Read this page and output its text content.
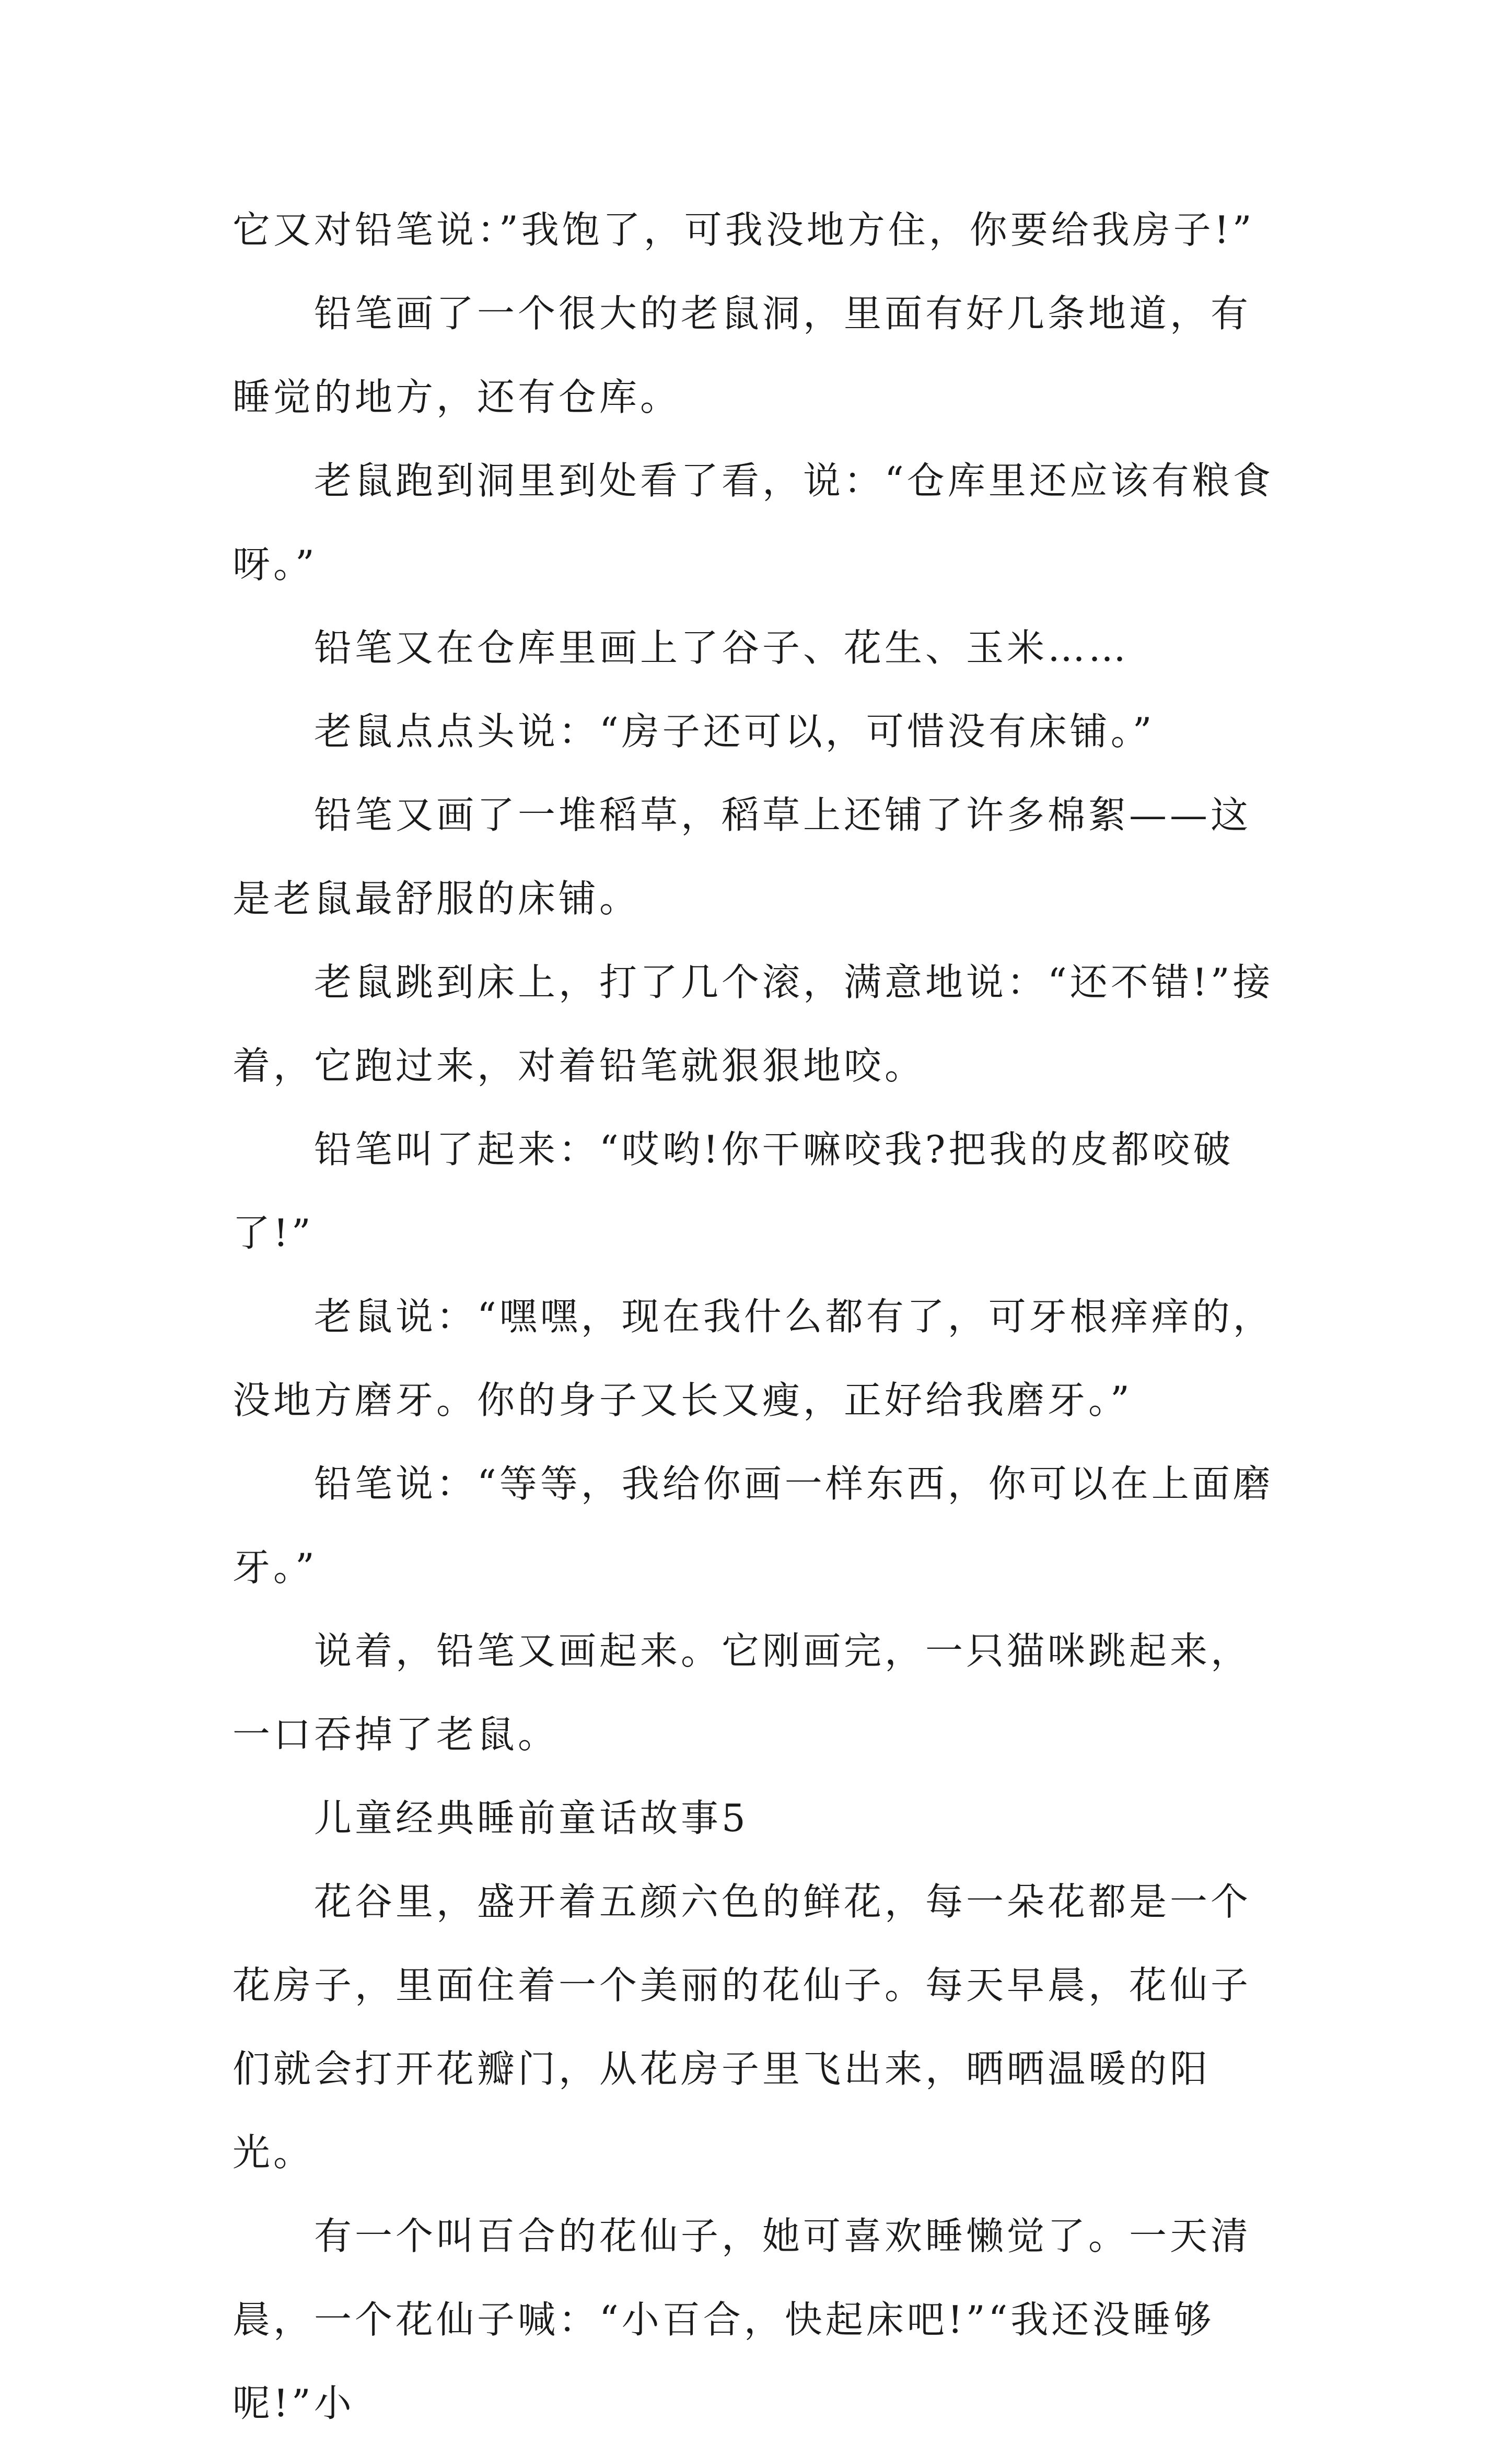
它又对铅笔说：”我饱了，可我没地方住，你要给我房子!”

铅笔画了一个很大的老鼠洞，里面有好几条地道，有睡觉的地方，还有仓库。

老鼠跑到洞里到处看了看，说：“仓库里还应该有粮食呀。”

铅笔又在仓库里画上了谷子、花生、玉米……

老鼠点点头说：“房子还可以，可惜没有床铺。”

铅笔又画了一堆稻草，稻草上还铺了许多棉絮——这是老鼠最舒服的床铺。

老鼠跳到床上，打了几个滚，满意地说：“还不错!”接着，它跑过来，对着铅笔就狠狠地咬。

铅笔叫了起来：“哎哟!你干嘛咬我?把我的皮都咬破了!”

老鼠说：“嘿嘿，现在我什么都有了，可牙根痒痒的，没地方磨牙。你的身子又长又瘦，正好给我磨牙。”

铅笔说：“等等，我给你画一样东西，你可以在上面磨牙。”

说着，铅笔又画起来。它刚画完，一只猫咪跳起来，一口吞掉了老鼠。

儿童经典睡前童话故事5

花谷里，盛开着五颜六色的鲜花，每一朵花都是一个花房子，里面住着一个美丽的花仙子。每天早晨，花仙子们就会打开花瓣门，从花房子里飞出来，晒晒温暖的阳光。

有一个叫百合的花仙子，她可喜欢睡懒觉了。一天清晨，一个花仙子喊：“小百合，快起床吧!”“我还没睡够呢!”小
